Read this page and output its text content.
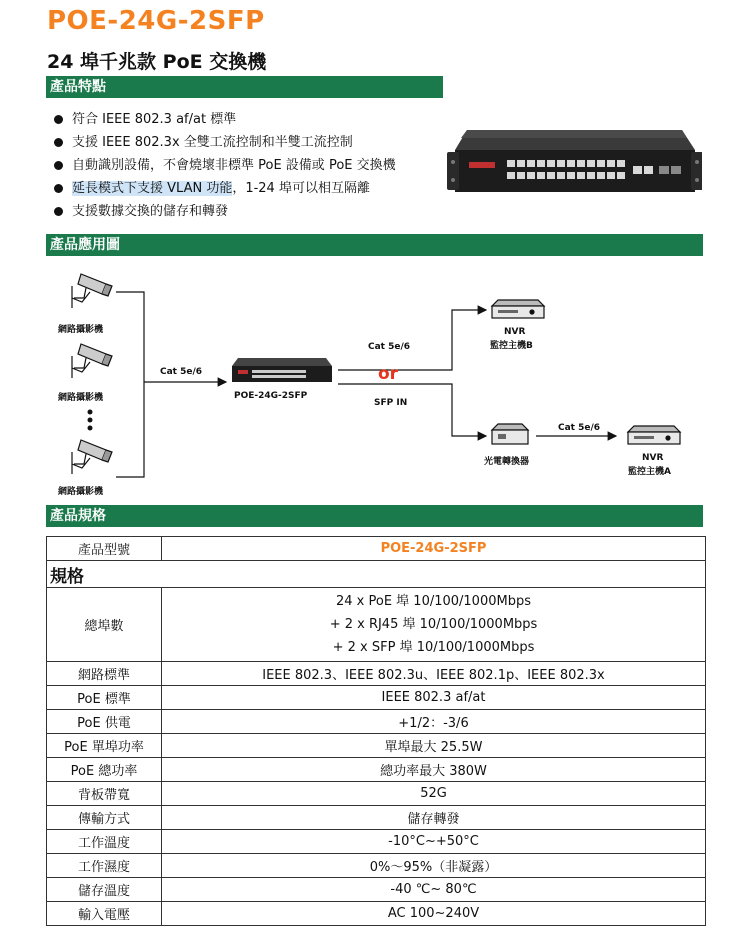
POE-24G-2SFP
24 埠千兆款 PoE 交換機
產品特點
符合 IEEE 802.3 af/at 標準
支援 IEEE 802.3x 全雙工流控制和半雙工流控制
自動識別設備，不會燒壞非標準 PoE 設備或 PoE 交換機
延長模式下支援 VLAN 功能，1-24 埠可以相互隔離
支援數據交換的儲存和轉發
產品應用圖
網路攝影機
網路攝影機
網路攝影機
Cat 5e/6
POE-24G-2SFP
Cat 5e/6
or
SFP IN
NVR
監控主機B
光電轉換器
Cat 5e/6
NVR
監控主機A
產品規格
產品型號	POE-24G-2SFP
規格	
總埠數	24 x PoE 埠 10/100/1000Mbps
+ 2 x RJ45 埠 10/100/1000Mbps
+ 2 x SFP 埠 10/100/1000Mbps

網路標準	IEEE 802.3、IEEE 802.3u、IEEE 802.1p、IEEE 802.3x
PoE 標準	IEEE 802.3 af/at
PoE 供電	+1/2：-3/6
PoE 單埠功率	單埠最大 25.5W
PoE 總功率	總功率最大 380W
背板帶寬	52G
傳輸方式	儲存轉發
工作溫度	-10°C~+50°C
工作濕度	0%～95%（非凝露）
儲存溫度	-40 ℃~ 80℃
輸入電壓	AC 100~240V
